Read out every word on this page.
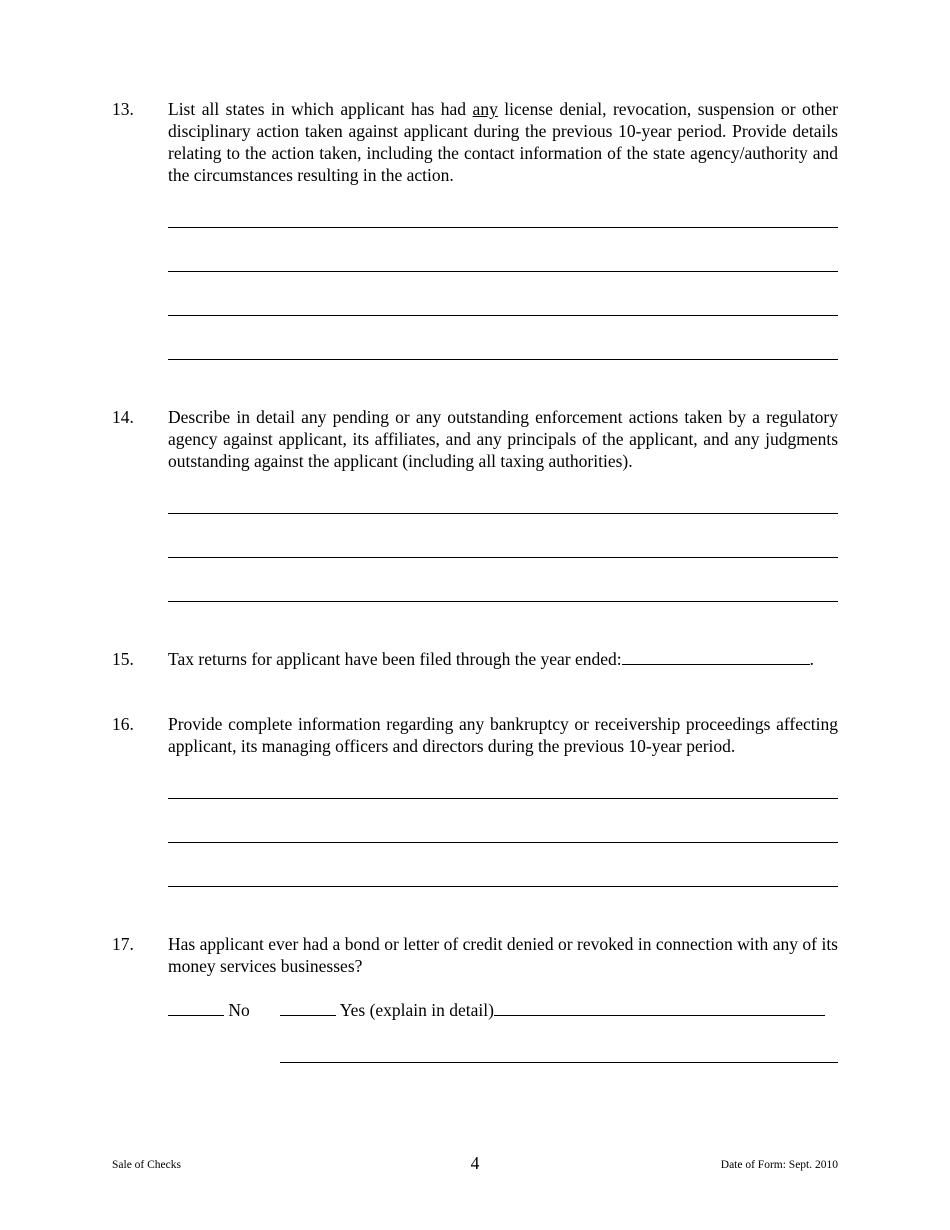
13. List all states in which applicant has had any license denial, revocation, suspension or other disciplinary action taken against applicant during the previous 10-year period. Provide details relating to the action taken, including the contact information of the state agency/authority and the circumstances resulting in the action.
14. Describe in detail any pending or any outstanding enforcement actions taken by a regulatory agency against applicant, its affiliates, and any principals of the applicant, and any judgments outstanding against the applicant (including all taxing authorities).
15. Tax returns for applicant have been filed through the year ended:	.
16. Provide complete information regarding any bankruptcy or receivership proceedings affecting applicant, its managing officers and directors during the previous 10-year period.
17. Has applicant ever had a bond or letter of credit denied or revoked in connection with any of its money services businesses?
No	Yes (explain in detail)
Sale of Checks	4	Date of Form: Sept. 2010
